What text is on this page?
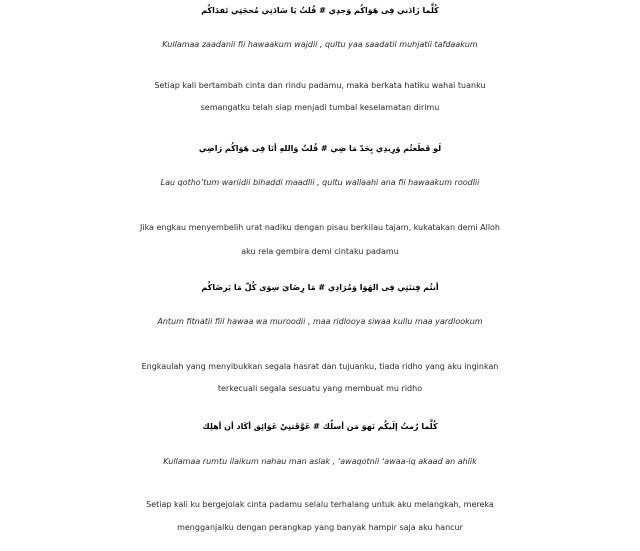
كُلَّما زَادَني فِى هَوَاكُم وَجدِي # قُلتُ يَا سَادَتِي مُحجَتِي تَفدَاكُم
Kullamaa zaadanii fii hawaakum wajdii , qultu yaa saadatii muhjatii tafdaakum
Setiap kali bertambah cinta dan rindu padamu, maka berkata hatiku wahai tuanku
semangatku telah siap menjadi tumbal keselamatan dirimu
لَو قَطَعتُم وَرِيدِي بِحَدّ مَا ضِي # قُلتُ وَاللهِ أنَا فِى هَوَاكُم رَاضِي
Lau qotho’tum wariidii bihaddi maadlii , qultu wallaahi ana fii hawaakum roodlii
Jika engkau menyembelih urat nadiku dengan pisau berkilau tajam, kukatakan demi Alloh
aku rela gembira demi cintaku padamu
أنتُم فِتنَتِي فِى الهَوَا وَمُرَادِي # مَا رِضَايَ سِوَى كُلّ مَا يَرضَاكُم
Antum fitnatii fiil hawaa wa muroodii , maa ridlooya siwaa kullu maa yardlookum
Engkaulah yang menyibukkan segala hasrat dan tujuanku, tiada ridho yang aku inginkan
terkecuali segala sesuatu yang membuat mu ridho
كُلَّما رُمتُ إلَيكُم نَهوَ مَن أسلُك # عَوَّقَتنِيْ عَوَائِق أكَاد أن أهلِك
Kullamaa rumtu ilaikum nahau man aslak , ‘awaqotnii ‘awaa-iq akaad an ahlik
Setiap kali ku bergejolak cinta padamu selalu terhalang untuk aku melangkah, mereka
mengganjalku dengan perangkap yang banyak hampir saja aku hancur
